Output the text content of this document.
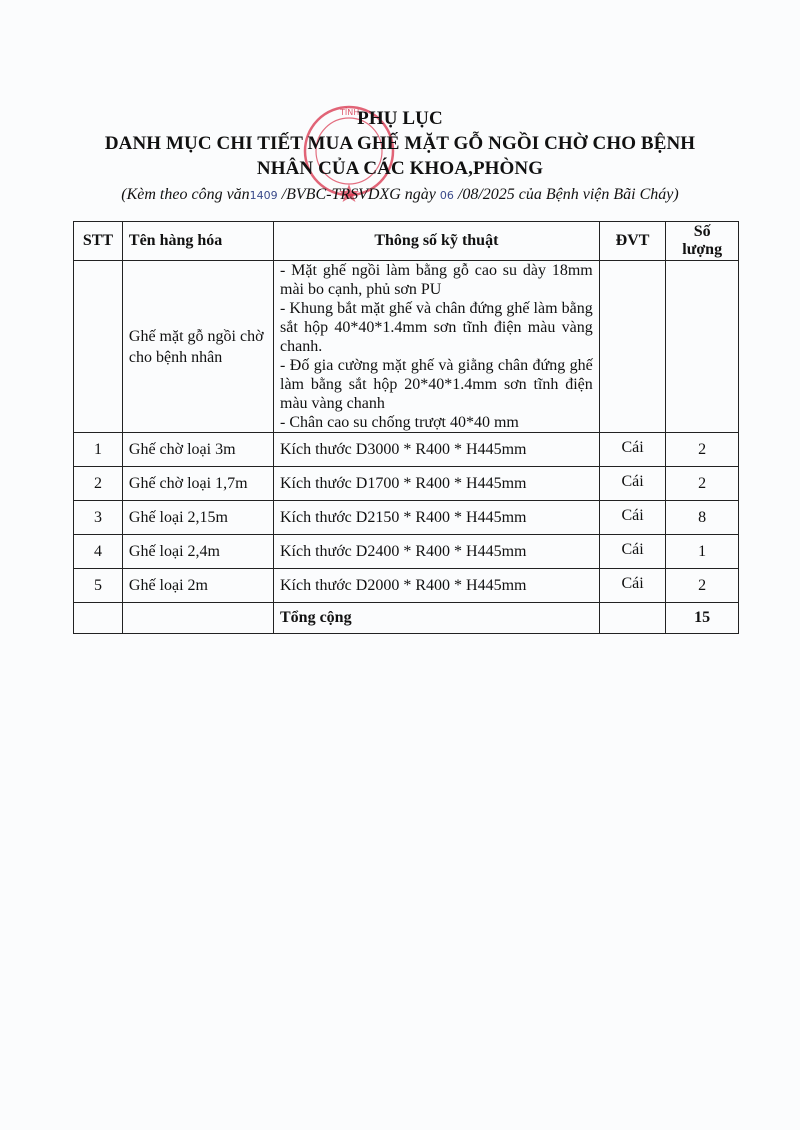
TỈNH
PHỤ LỤC
DANH MỤC CHI TIẾT MUA GHẾ MẶT GỖ NGỒI CHỜ CHO BỆNH
NHÂN CỦA CÁC KHOA,PHÒNG
(Kèm theo công văn1409 /BVBC-TRSVDXG ngày 06 /08/2025 của Bệnh viện Bãi Cháy)
STT	Tên hàng hóa	Thông số kỹ thuật	ĐVT	Số
lượng
	Ghế mặt gỗ ngồi chờ cho bệnh nhân	- Mặt ghế ngồi làm bằng gỗ cao su dày 18mm mài bo cạnh, phủ sơn PU
- Khung bắt mặt ghế và chân đứng ghế làm bằng sắt hộp 40*40*1.4mm sơn tĩnh điện màu vàng chanh.
- Đố gia cường mặt ghế và giằng chân đứng ghế làm bằng sắt hộp 20*40*1.4mm sơn tĩnh điện màu vàng chanh
- Chân cao su chống trượt 40*40 mm		

1	Ghế chờ loại 3m	Kích thước D3000 * R400 * H445mm	Cái	2
2	Ghế chờ loại 1,7m	Kích thước D1700 * R400 * H445mm	Cái	2
3	Ghế loại 2,15m	Kích thước D2150 * R400 * H445mm	Cái	8
4	Ghế loại 2,4m	Kích thước D2400 * R400 * H445mm	Cái	1
5	Ghế loại 2m	Kích thước D2000 * R400 * H445mm	Cái	2
		Tổng cộng		15
